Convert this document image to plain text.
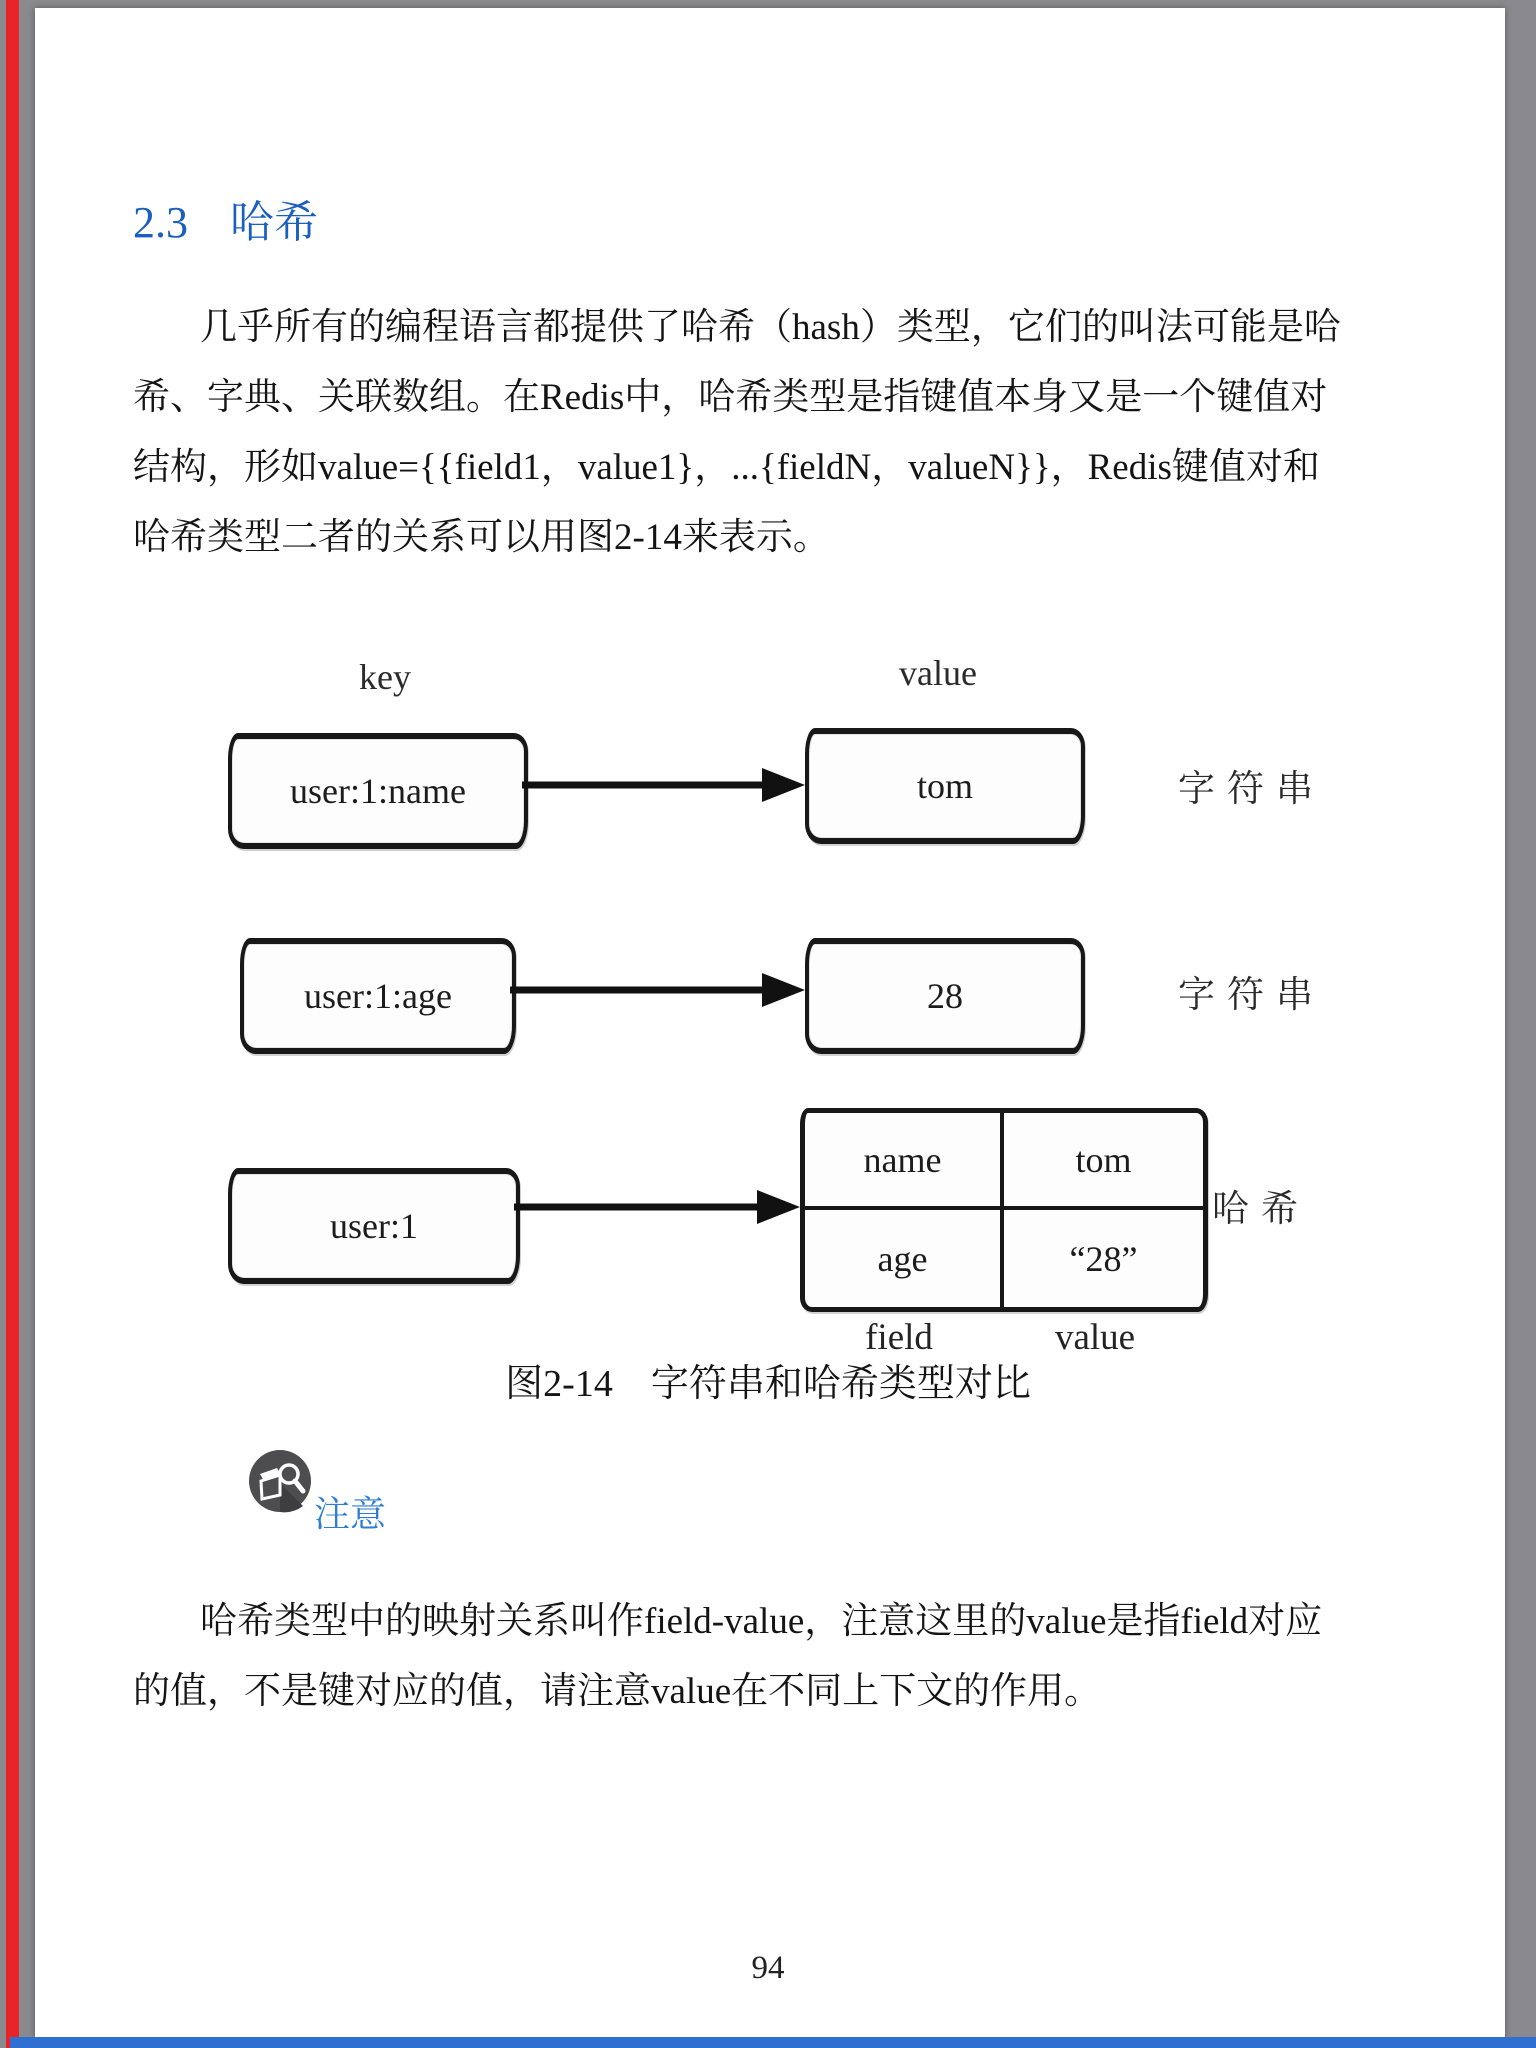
2.3 哈希
几乎所有的编程语言都提供了哈希（hash）类型，它们的叫法可能是哈
希、字典、关联数组。在Redis中，哈希类型是指键值本身又是一个键值对
结构，形如value={{field1，value1}，...{fieldN，valueN}}，Redis键值对和
哈希类型二者的关系可以用图2-14来表示。
key	value
user:1:name	tom	字符串
user:1:age	28	字符串
user:1
name	tom
age	“28”
哈希
field	value
图2-14　字符串和哈希类型对比
注意
哈希类型中的映射关系叫作field-value，注意这里的value是指field对应
的值，不是键对应的值，请注意value在不同上下文的作用。
94
